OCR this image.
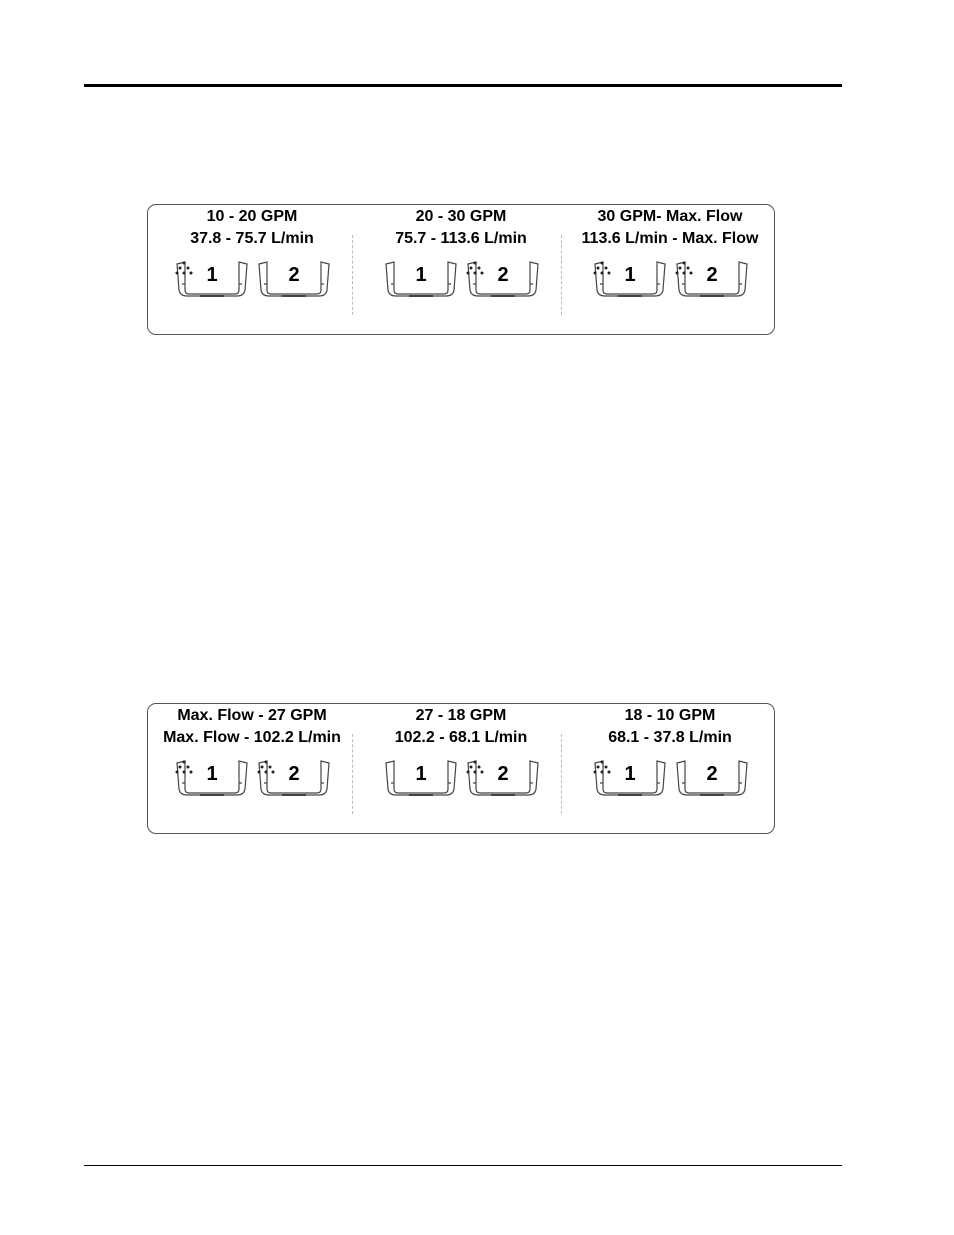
10 - 20 GPM
37.8 - 75.7 L/min
1	2
20 - 30 GPM
75.7 - 113.6 L/min
1	2
30 GPM- Max. Flow
113.6 L/min - Max. Flow
1	2
Max. Flow - 27 GPM
Max. Flow - 102.2 L/min
1	2
27 - 18 GPM
102.2 - 68.1 L/min
1	2
18 - 10 GPM
68.1 - 37.8 L/min
1	2
